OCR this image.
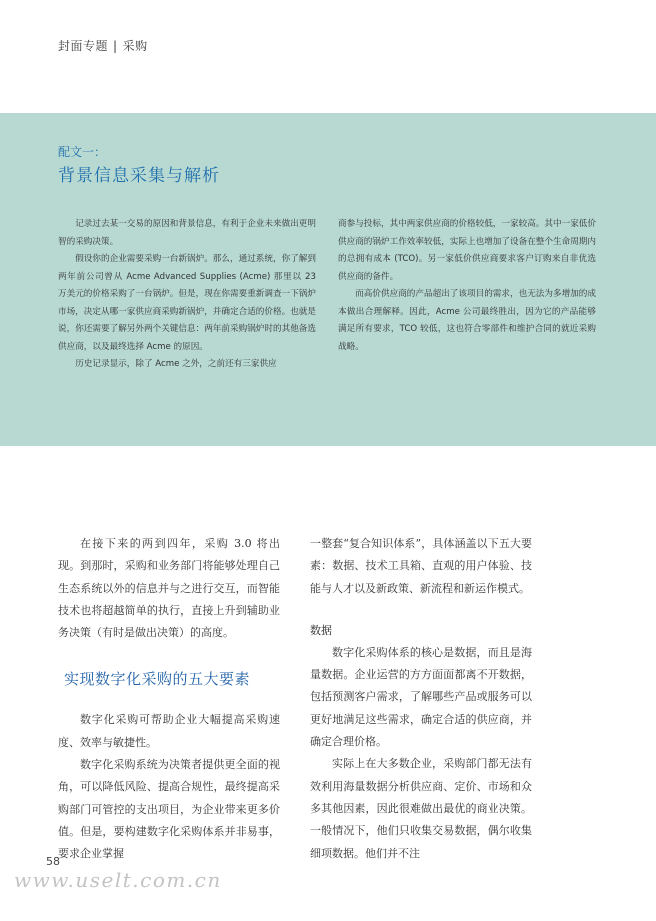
封面专题 | 采购
配文一：
背景信息采集与解析

记录过去某一交易的原因和背景信息，有利于企业未来做出更明智的采购决策。

假设你的企业需要采购一台新锅炉。那么，通过系统，你了解到两年前公司曾从 Acme Advanced Supplies (Acme) 那里以 23 万美元的价格采购了一台锅炉。但是，现在你需要重新调查一下锅炉市场，决定从哪一家供应商采购新锅炉，并确定合适的价格。也就是说，你还需要了解另外两个关键信息：两年前采购锅炉时的其他备选供应商，以及最终选择 Acme 的原因。

历史记录显示，除了 Acme 之外，之前还有三家供应

商参与投标，其中两家供应商的价格较低，一家较高。其中一家低价供应商的锅炉工作效率较低，实际上也增加了设备在整个生命周期内的总拥有成本 (TCO)。另一家低价供应商要求客户订购来自非优选供应商的备件。

而高价供应商的产品超出了该项目的需求，也无法为多增加的成本做出合理解释。因此，Acme 公司最终胜出，因为它的产品能够满足所有要求，TCO 较低，这也符合零部件和维护合同的就近采购战略。

在接下来的两到四年，采购 3.0 将出现。到那时，采购和业务部门将能够处理自己生态系统以外的信息并与之进行交互，而智能技术也将超越简单的执行，直接上升到辅助业务决策（有时是做出决策）的高度。

实现数字化采购的五大要素

数字化采购可帮助企业大幅提高采购速度、效率与敏捷性。

数字化采购系统为决策者提供更全面的视角，可以降低风险、提高合规性，最终提高采购部门可管控的支出项目，为企业带来更多价值。但是，要构建数字化采购体系并非易事，要求企业掌握

一整套“复合知识体系”，具体涵盖以下五大要素：数据、技术工具箱、直观的用户体验、技能与人才以及新政策、新流程和新运作模式。

数据

数字化采购体系的核心是数据，而且是海量数据。企业运营的方方面面都离不开数据，包括预测客户需求，了解哪些产品或服务可以更好地满足这些需求，确定合适的供应商，并确定合理价格。

实际上在大多数企业，采购部门都无法有效利用海量数据分析供应商、定价、市场和众多其他因素，因此很难做出最优的商业决策。一般情况下，他们只收集交易数据，偶尔收集细项数据。他们并不注

58
www.uselt.com.cn
